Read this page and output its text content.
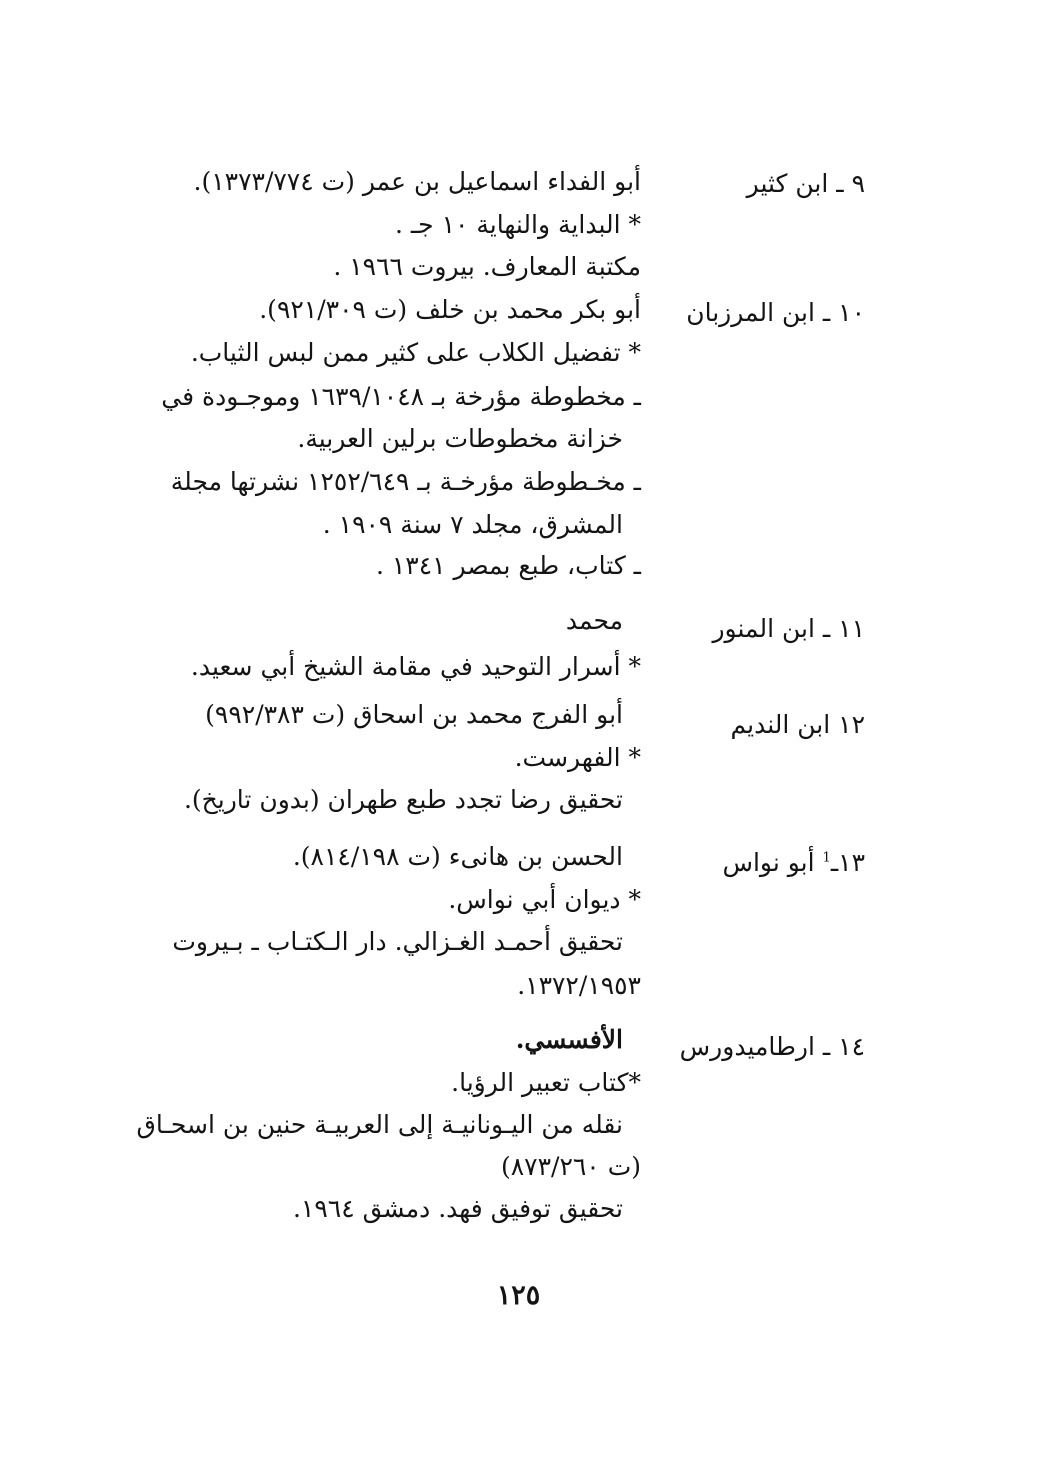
٩ ـ ابن كثير
أبو الفداء اسماعيل بن عمر (ت ١٣٧٣/٧٧٤).
* البداية والنهاية ١٠ جـ .
مكتبة المعارف. بيروت ١٩٦٦ .
١٠ ـ ابن المرزبان
أبو بكر محمد بن خلف (ت ٩٢١/٣٠٩).
* تفضيل الكلاب على كثير ممن لبس الثياب.
ـ مخطوطة مؤرخة بـ ١٦٣٩/١٠٤٨ وموجـودة في
خزانة مخطوطات برلين العربية.
ـ مخـطوطة مؤرخـة بـ ١٢٥٢/٦٤٩ نشرتها مجلة
المشرق، مجلد ٧ سنة ١٩٠٩ .
ـ كتاب، طبع بمصر ١٣٤١ .
١١ ـ ابن المنور
محمد
* أسرار التوحيد في مقامة الشيخ أبي سعيد.
١٢ ابن النديم
أبو الفرج محمد بن اسحاق (ت ٩٩٢/٣٨٣)
* الفهرست.
تحقيق رضا تجدد طبع طهران (بدون تاريخ).
١٣ـ$^1$ أبو نواس
الحسن بن هانىء (ت ٨١٤/١٩٨).
* ديوان أبي نواس.
تحقيق أحمـد الغـزالي. دار الـكتـاب ـ بـيروت
١٣٧٢/١٩٥٣.
١٤ ـ ارطاميدورس
الأفسسي.
*كتاب تعبير الرؤيا.
نقله من اليـونانيـة إلى العربيـة حنين بن اسحـاق
(ت ٨٧٣/٢٦٠)
تحقيق توفيق فهد. دمشق ١٩٦٤.
١٢٥
